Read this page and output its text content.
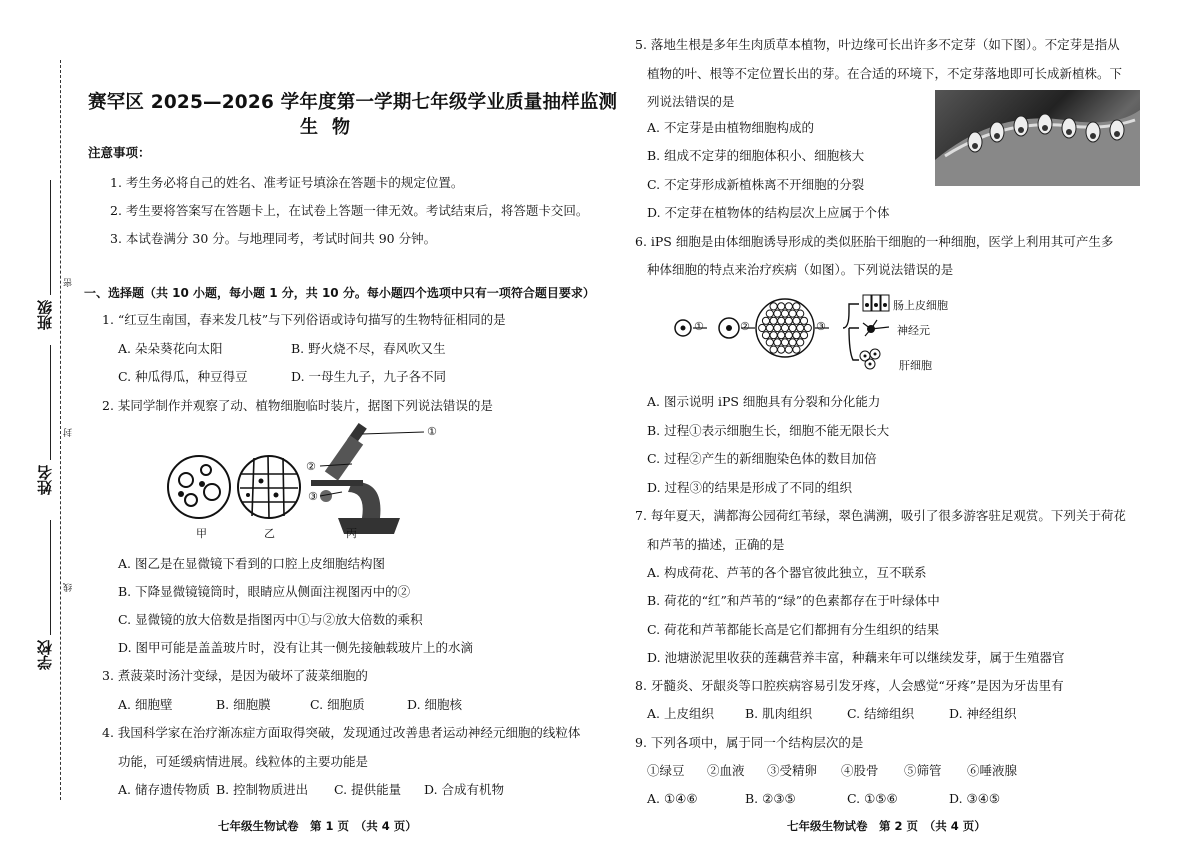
班级
密
姓名
封
学校
线
赛罕区 2025—2026 学年度第一学期七年级学业质量抽样监测
生物
注意事项：
1. 考生务必将自己的姓名、准考证号填涂在答题卡的规定位置。
2. 考生要将答案写在答题卡上，在试卷上答题一律无效。考试结束后，将答题卡交回。
3. 本试卷满分 30 分。与地理同考，考试时间共 90 分钟。
一、选择题（共 10 小题，每小题 1 分，共 10 分。每小题四个选项中只有一项符合题目要求）
1. “红豆生南国，春来发几枝”与下列俗语或诗句描写的生物特征相同的是
A. 朵朵葵花向太阳	B. 野火烧不尽，春风吹又生
C. 种瓜得瓜，种豆得豆	D. 一母生九子，九子各不同
2. 某同学制作并观察了动、植物细胞临时装片，据图下列说法错误的是
①
②
③
甲	乙	丙
A. 图乙是在显微镜下看到的口腔上皮细胞结构图
B. 下降显微镜镜筒时，眼睛应从侧面注视图丙中的②
C. 显微镜的放大倍数是指图丙中①与②放大倍数的乘积
D. 图甲可能是盖盖玻片时，没有让其一侧先接触载玻片上的水滴
3. 煮菠菜时汤汁变绿，是因为破坏了菠菜细胞的
A. 细胞壁	B. 细胞膜	C. 细胞质	D. 细胞核
4. 我国科学家在治疗渐冻症方面取得突破，发现通过改善患者运动神经元细胞的线粒体
功能，可延缓病情进展。线粒体的主要功能是
A. 储存遗传物质 B. 控制物质进出 C. 提供能量 D. 合成有机物
七年级生物试卷　第 1 页　（共 4 页）
5. 落地生根是多年生肉质草本植物，叶边缘可长出许多不定芽（如下图）。不定芽是指从
植物的叶、根等不定位置长出的芽。在合适的环境下，不定芽落地即可长成新植株。下
列说法错误的是
A. 不定芽是由植物细胞构成的
B. 组成不定芽的细胞体积小、细胞核大
C. 不定芽形成新植株离不开细胞的分裂
D. 不定芽在植物体的结构层次上应属于个体
6. iPS 细胞是由体细胞诱导形成的类似胚胎干细胞的一种细胞，医学上利用其可产生多
种体细胞的特点来治疗疾病（如图）。下列说法错误的是
①	②	③
肠上皮细胞
神经元
肝细胞
A. 图示说明 iPS 细胞具有分裂和分化能力
B. 过程①表示细胞生长，细胞不能无限长大
C. 过程②产生的新细胞染色体的数目加倍
D. 过程③的结果是形成了不同的组织
7. 每年夏天，满都海公园荷红苇绿，翠色满溯，吸引了很多游客驻足观赏。下列关于荷花
和芦苇的描述，正确的是
A. 构成荷花、芦苇的各个器官彼此独立，互不联系
B. 荷花的“红”和芦苇的“绿”的色素都存在于叶绿体中
C. 荷花和芦苇都能长高是它们都拥有分生组织的结果
D. 池塘淤泥里收获的莲藕营养丰富，种藕来年可以继续发芽，属于生殖器官
8. 牙髓炎、牙龈炎等口腔疾病容易引发牙疼，人会感觉“牙疼”是因为牙齿里有
A. 上皮组织 B. 肌肉组织	C. 结缔组织	D. 神经组织
9. 下列各项中，属于同一个结构层次的是
①绿豆 ②血液 ③受精卵 ④股骨 ⑤筛管 ⑥唾液腺
A. ①④⑥	B. ②③⑤	C. ①⑤⑥	D. ③④⑤
七年级生物试卷　第 2 页　（共 4 页）
